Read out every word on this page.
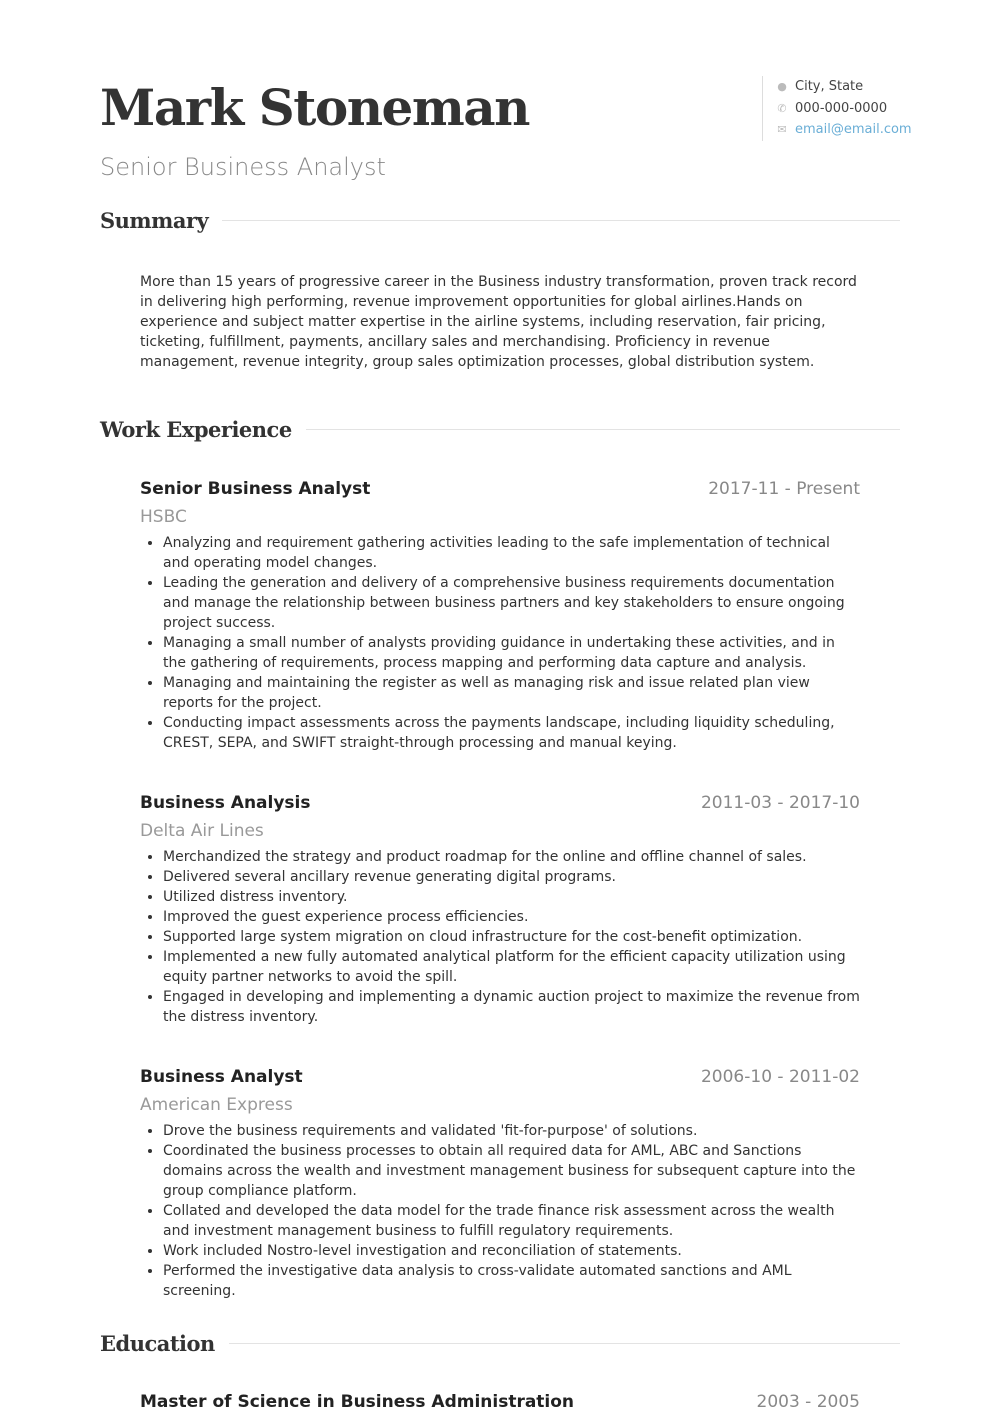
Mark Stoneman
Senior Business Analyst
● City, State
✆ 000-000-0000
✉ email@email.com
Summary
More than 15 years of progressive career in the Business industry transformation, proven track record in delivering high performing, revenue improvement opportunities for global airlines.Hands on experience and subject matter expertise in the airline systems, including reservation, fair pricing, ticketing, fulfillment, payments, ancillary sales and merchandising. Proficiency in revenue management, revenue integrity, group sales optimization processes, global distribution system.
Work Experience
Senior Business Analyst	2017-11 - Present
HSBC
• Analyzing and requirement gathering activities leading to the safe implementation of technical and operating model changes.
• Leading the generation and delivery of a comprehensive business requirements documentation and manage the relationship between business partners and key stakeholders to ensure ongoing project success.
• Managing a small number of analysts providing guidance in undertaking these activities, and in the gathering of requirements, process mapping and performing data capture and analysis.
• Managing and maintaining the register as well as managing risk and issue related plan view reports for the project.
• Conducting impact assessments across the payments landscape, including liquidity scheduling, CREST, SEPA, and SWIFT straight-through processing and manual keying.
Business Analysis	2011-03 - 2017-10
Delta Air Lines
• Merchandized the strategy and product roadmap for the online and offline channel of sales.
• Delivered several ancillary revenue generating digital programs.
• Utilized distress inventory.
• Improved the guest experience process efficiencies.
• Supported large system migration on cloud infrastructure for the cost-benefit optimization.
• Implemented a new fully automated analytical platform for the efficient capacity utilization using equity partner networks to avoid the spill.
• Engaged in developing and implementing a dynamic auction project to maximize the revenue from the distress inventory.
Business Analyst	2006-10 - 2011-02
American Express
• Drove the business requirements and validated 'fit-for-purpose' of solutions.
• Coordinated the business processes to obtain all required data for AML, ABC and Sanctions domains across the wealth and investment management business for subsequent capture into the group compliance platform.
• Collated and developed the data model for the trade finance risk assessment across the wealth and investment management business to fulfill regulatory requirements.
• Work included Nostro-level investigation and reconciliation of statements.
• Performed the investigative data analysis to cross-validate automated sanctions and AML screening.
Education
Master of Science in Business Administration	2003 - 2005
